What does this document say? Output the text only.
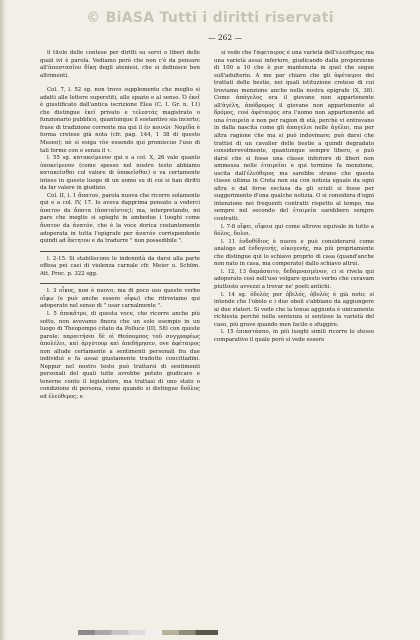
© BiASA Tutti i diritti riservati
— 262 —

il titolo delle contese per diritti su servi o liberi delle quali ivi è parola. Vediamo però che non c'è da pensare all'ἀποστασίου δίκη degli ateniesi, che si definisce ben altrimenti.

Col. 7, l. 52 sg. non trovo supplemento che meglio si adatti alle lettere superstiti, allo spazio e al senso. Ὁ ἐκεῖ è giustificato dall'antica iscrizione Elea (C. I. Gr. n. 11) che distingue ἑκεῖ privato e τελεστάς magistrato o funzionario pubblico, quantunque il sostantivo sia incerto; frase di tradizione corrente ma qui il ἐν κοινῶι· Νομίδα è forma cretese già nota (cfr. pag. 144, 1 38 di questo Museo); nè si esiga τὸν essendo qui promiscuo l'uso di tali forme con e senza il τ.

l. 55 sg. κατακείμενον qui e a col. X, 26 vale quanto ὑποκείμενον (come spesso nel nostro testo abbiamo κατακεῖσθαι col valore di ὑποκεῖσθαι) e va certamente inteso in questo luogo di un uomo su di cui si han diritti da far valere in giudizio.

Col. II, l. 1 ἄπατον, parola nuova che ricorre solamente qui e a col. IV, 17. Io aveva dapprima pensato a vederci ἀπατον da ἄπατα (ἀπαταῖστος); ma, interpretando, mi pare che meglio si spieghi in ambedue i luoghi come ἄνατον da ἀνατόν, che è la voce dorica costantemente adoperata in tutta l'epigrafe per ἀνατόν corrispondente quindi ad ἄκτητον e da tradurre " non possedibile ".

l. 2-15. Si stabiliscono le indennità da darsi alla parte offesa pei casi di violenza carnale cfr. Meier u. Schöm. Att. Proc. p. 322 sgg.

l. 3 οἶκος, non è nuovo, ma di poco uso questo verbo οἴφω (e può anche essere οἶφω) che ritroviamo qui adoperato nel senso di " usar carnalmente ".

l. 5 ἀπεκᾶτρο, di questa voce, che ricorre anche più sotto, non avevamo finora che un solo esempio in un luogo di Theopompo citato da Polluce (III, 58) con queste parole: παραιτήσαι δὲ οἱ Θεόπομπος τοῦ συγγραφέως ἀπολέλει, καὶ ἀργύτουρ καὶ ἀπεδήμησεν, ove ἀφέταιρος non allude certamente a sentimenti personali fra due individui e fa assai giustamente tradotto concittadini. Neppur nel nostro testo può trattarsi di sentimenti personali del quali tutte avrebbe potuto giudicare e tenerne conto il legislatore, ma trattasi di uno stato o condizione di persona, come quando si distingue δοῦλος ed ἐλεύθερος; e

si vede che l'ἀφέταιρος è una varietà dell'ἐλεύθερος ma una varietà assai inferiore, giudicando dalla proporzione di 100 a 10 che è pur mantenuta in quel che segue sull'adulterio. A me par chiaro che gli ἀφέταιροι dei trattati delle bestie, nei quali istituzione cretese di cui troviamo menzione anche nella nostra epigrafe (X, 38). Come ἀπάγελος era il giovane non appartenente all'ἀγέλη, ἀπόδρομος il giovane non appartenente al δρόμος, così ἀφέταιρος era l'uomo non appartenente ad una ἑταιρεία e non per ragion di età, perchè vi entravano in dalla nascita come gli ἀπαγελοι nelle ἀγέλαι, ma per altra ragione che ma si può indovinare; può darsi che trattisi di un cavalier delle bestie a quindi degradato considerevolmente, quantunque sempre libero, e può darsi che si fosse una classe inferiore di liberi non ammessa nelle ἑταιρεῖαι e qui termine fa menzione, uscita dall'ἐλεύθερος ma sarebbe strano che questa classe ultima in Creta non sia con notizia eguale da ogni altra o dal forse esclusa da gli sciuti si fosse per suggerimento d'una qualche notizia. O si considera d'ogni intenzione nei frequenti contratti rispetto al tempo, ma sempre nel secondo del ἑταιρεία sarebbero sempre contratti.

l. 7-8 οἴφει, οἴφεια qui come altrove equivale in tutto a δόλος, δολοι.

l. 11 ἐνδοθίδιος è nuovo e può considerarsi come analogo ad ἐνδογενής, οἰκογενής, ma più propriamente che distingue qui lo schiavo proprio di casa (quand'anche non nato in casa, ma comperato) dallo schiavo altrui.

l. 12, 13 δαμάσαιτο, δεδαμνασμένον, ci si rivela qui adoperato così nell'uso volgare questo verbo che ceravam piuttosto avvezzi a trovar ne' poeti antichi.

l. 14 sg. ὀδελὸς per ὀβελός, ὀβολός è già noto; si intende che l'obolo e i due oboli s'abbiano da aggiungere ai due stateri. Si vede che la tenue aggiunta è unicamente richiesta perchè nella sentenza si sentisse la varietà del caso, più grave quando men facile o sfuggire.

l. 15 ἐπικατάσπο, in più luoghi simili ricorre lo stesso comparativo il quale però si vede essere
